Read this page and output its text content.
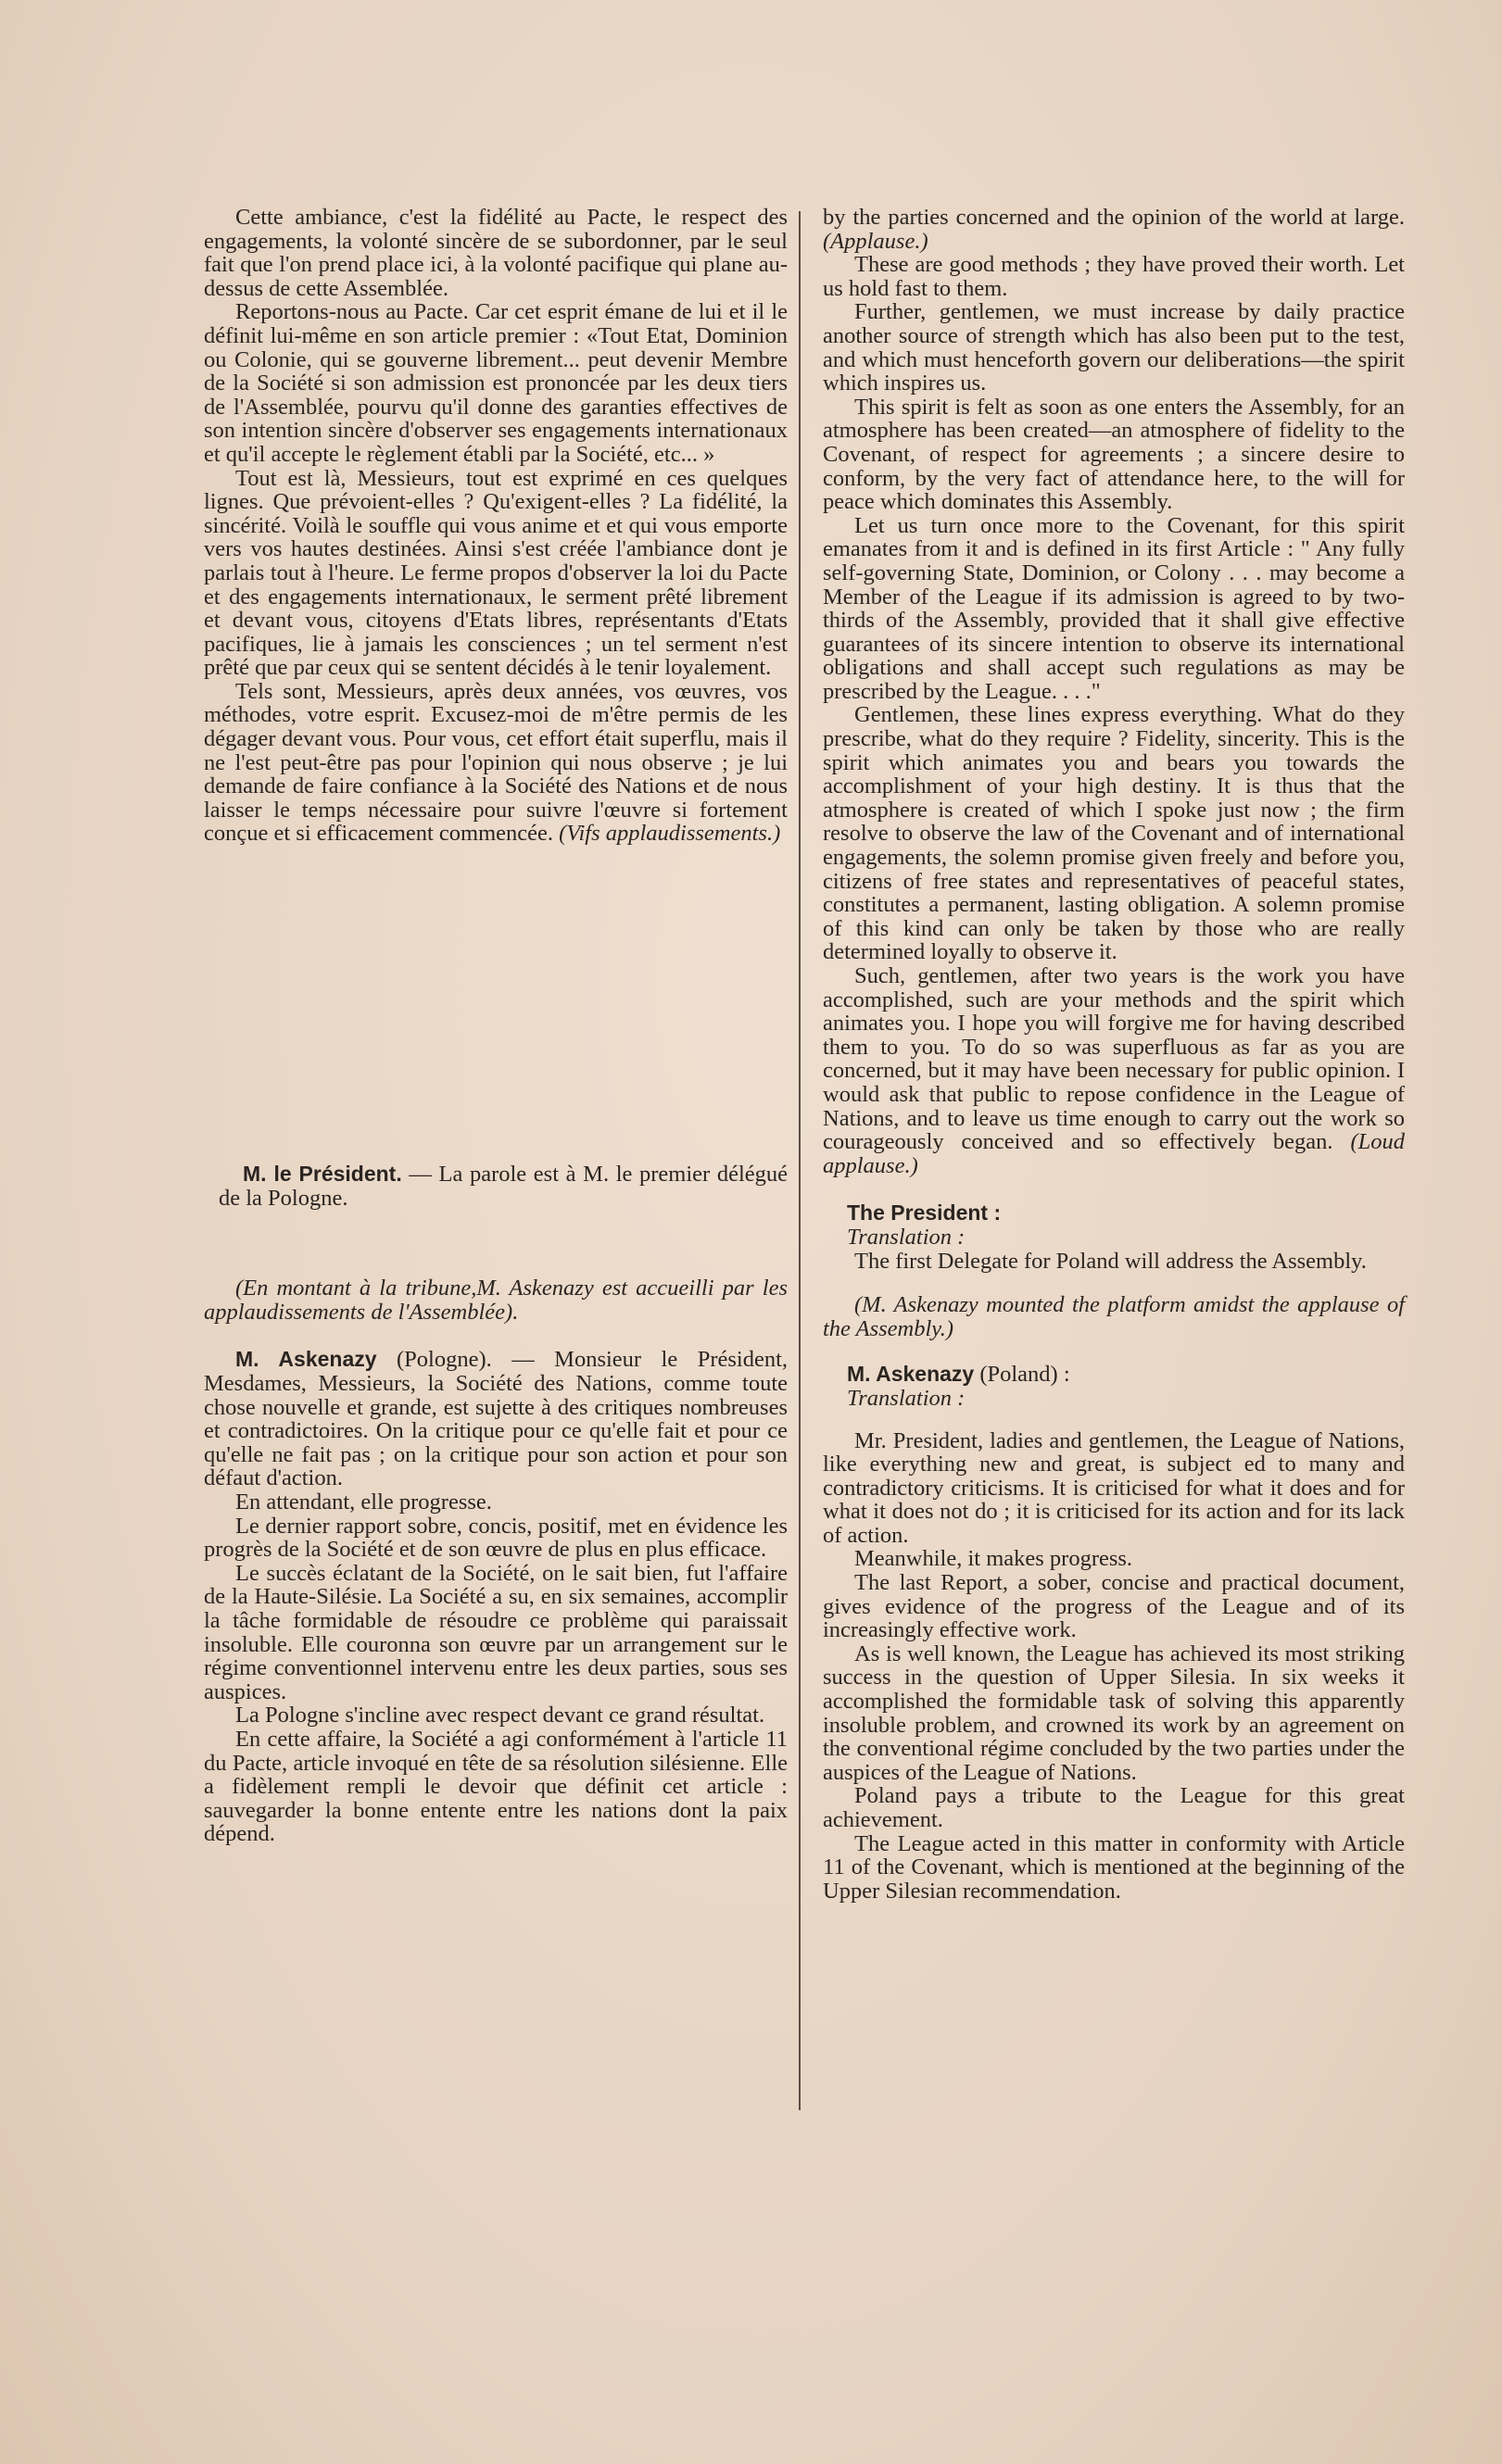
Cette ambiance, c'est la fidélité au Pacte, le respect des engagements, la volonté sincère de se subordonner, par le seul fait que l'on prend place ici, à la volonté pacifique qui plane au-dessus de cette Assemblée.

Reportons-nous au Pacte. Car cet esprit émane de lui et il le définit lui-même en son article premier : «Tout Etat, Dominion ou Colonie, qui se gouverne librement... peut devenir Membre de la Société si son admission est prononcée par les deux tiers de l'Assemblée, pourvu qu'il donne des garanties effectives de son intention sincère d'observer ses engagements internationaux et qu'il accepte le règlement établi par la Société, etc... »

Tout est là, Messieurs, tout est exprimé en ces quelques lignes. Que prévoient-elles ? Qu'exigent-elles ? La fidélité, la sincérité. Voilà le souffle qui vous anime et et qui vous emporte vers vos hautes destinées. Ainsi s'est créée l'ambiance dont je parlais tout à l'heure. Le ferme propos d'observer la loi du Pacte et des engagements internationaux, le serment prêté librement et devant vous, citoyens d'Etats libres, représentants d'Etats pacifiques, lie à jamais les consciences ; un tel serment n'est prêté que par ceux qui se sentent décidés à le tenir loyalement.

Tels sont, Messieurs, après deux années, vos œuvres, vos méthodes, votre esprit. Excusez-moi de m'être permis de les dégager devant vous. Pour vous, cet effort était superflu, mais il ne l'est peut-être pas pour l'opinion qui nous observe ; je lui demande de faire confiance à la Société des Nations et de nous laisser le temps nécessaire pour suivre l'œuvre si fortement conçue et si efficacement commencée. (Vifs applaudissements.)

M. le Président. — La parole est à M. le premier délégué de la Pologne.

(En montant à la tribune,M. Askenazy est accueilli par les applaudissements de l'Assemblée).

M. Askenazy (Pologne). — Monsieur le Président, Mesdames, Messieurs, la Société des Nations, comme toute chose nouvelle et grande, est sujette à des critiques nombreuses et contradictoires. On la critique pour ce qu'elle fait et pour ce qu'elle ne fait pas ; on la critique pour son action et pour son défaut d'action.

En attendant, elle progresse.

Le dernier rapport sobre, concis, positif, met en évidence les progrès de la Société et de son œuvre de plus en plus efficace.

Le succès éclatant de la Société, on le sait bien, fut l'affaire de la Haute-Silésie. La Société a su, en six semaines, accomplir la tâche formidable de résoudre ce problème qui paraissait insoluble. Elle couronna son œuvre par un arrangement sur le régime conventionnel intervenu entre les deux parties, sous ses auspices.

La Pologne s'incline avec respect devant ce grand résultat.

En cette affaire, la Société a agi conformément à l'article 11 du Pacte, article invoqué en tête de sa résolution silésienne. Elle a fidèlement rempli le devoir que définit cet article : sauvegarder la bonne entente entre les nations dont la paix dépend.

by the parties concerned and the opinion of the world at large. (Applause.)

These are good methods ; they have proved their worth. Let us hold fast to them.

Further, gentlemen, we must increase by daily practice another source of strength which has also been put to the test, and which must henceforth govern our deliberations—the spirit which inspires us.

This spirit is felt as soon as one enters the Assembly, for an atmosphere has been created—an atmosphere of fidelity to the Covenant, of respect for agreements ; a sincere desire to conform, by the very fact of attendance here, to the will for peace which dominates this Assembly.

Let us turn once more to the Covenant, for this spirit emanates from it and is defined in its first Article : " Any fully self-governing State, Dominion, or Colony . . . may become a Member of the League if its admission is agreed to by two-thirds of the Assembly, provided that it shall give effective guarantees of its sincere intention to observe its international obligations and shall accept such regulations as may be prescribed by the League. . . ."

Gentlemen, these lines express everything. What do they prescribe, what do they require ? Fidelity, sincerity. This is the spirit which animates you and bears you towards the accomplishment of your high destiny. It is thus that the atmosphere is created of which I spoke just now ; the firm resolve to observe the law of the Covenant and of international engagements, the solemn promise given freely and before you, citizens of free states and representatives of peaceful states, constitutes a permanent, lasting obligation. A solemn promise of this kind can only be taken by those who are really determined loyally to observe it.

Such, gentlemen, after two years is the work you have accomplished, such are your methods and the spirit which animates you. I hope you will forgive me for having described them to you. To do so was superfluous as far as you are concerned, but it may have been necessary for public opinion. I would ask that public to repose confidence in the League of Nations, and to leave us time enough to carry out the work so courageously conceived and so effectively began. (Loud applause.)

The President :

Translation :

The first Delegate for Poland will address the Assembly.

(M. Askenazy mounted the platform amidst the applause of the Assembly.)

M. Askenazy (Poland) :

Translation :

Mr. President, ladies and gentlemen, the League of Nations, like everything new and great, is subject ed to many and contradictory criticisms. It is criticised for what it does and for what it does not do ; it is criticised for its action and for its lack of action.

Meanwhile, it makes progress.

The last Report, a sober, concise and practical document, gives evidence of the progress of the League and of its increasingly effective work.

As is well known, the League has achieved its most striking success in the question of Upper Silesia. In six weeks it accomplished the formidable task of solving this apparently insoluble problem, and crowned its work by an agreement on the conventional régime concluded by the two parties under the auspices of the League of Nations.

Poland pays a tribute to the League for this great achievement.

The League acted in this matter in conformity with Article 11 of the Covenant, which is mentioned at the beginning of the Upper Silesian recommendation.
